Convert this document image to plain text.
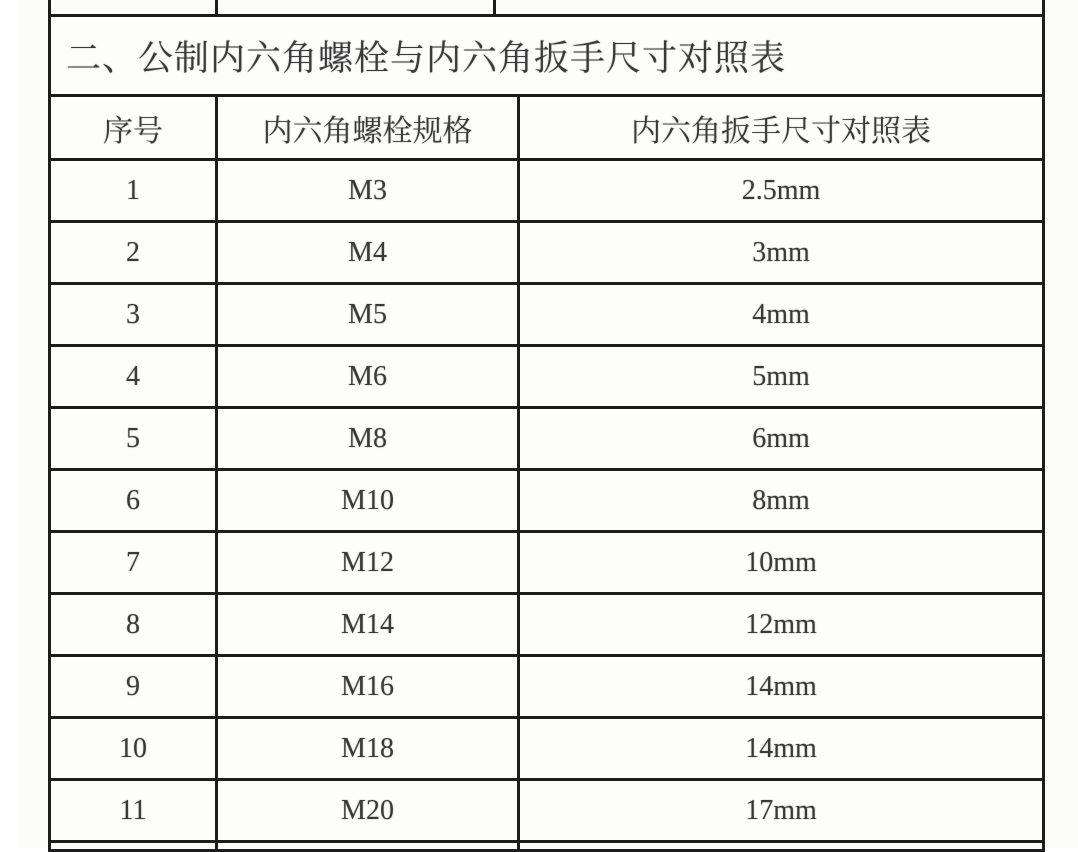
二、公制内六角螺栓与内六角扳手尺寸对照表
序号	内六角螺栓规格	内六角扳手尺寸对照表
1	M3	2.5mm
2	M4	3mm
3	M5	4mm
4	M6	5mm
5	M8	6mm
6	M10	8mm
7	M12	10mm
8	M14	12mm
9	M16	14mm
10	M18	14mm
11	M20	17mm
